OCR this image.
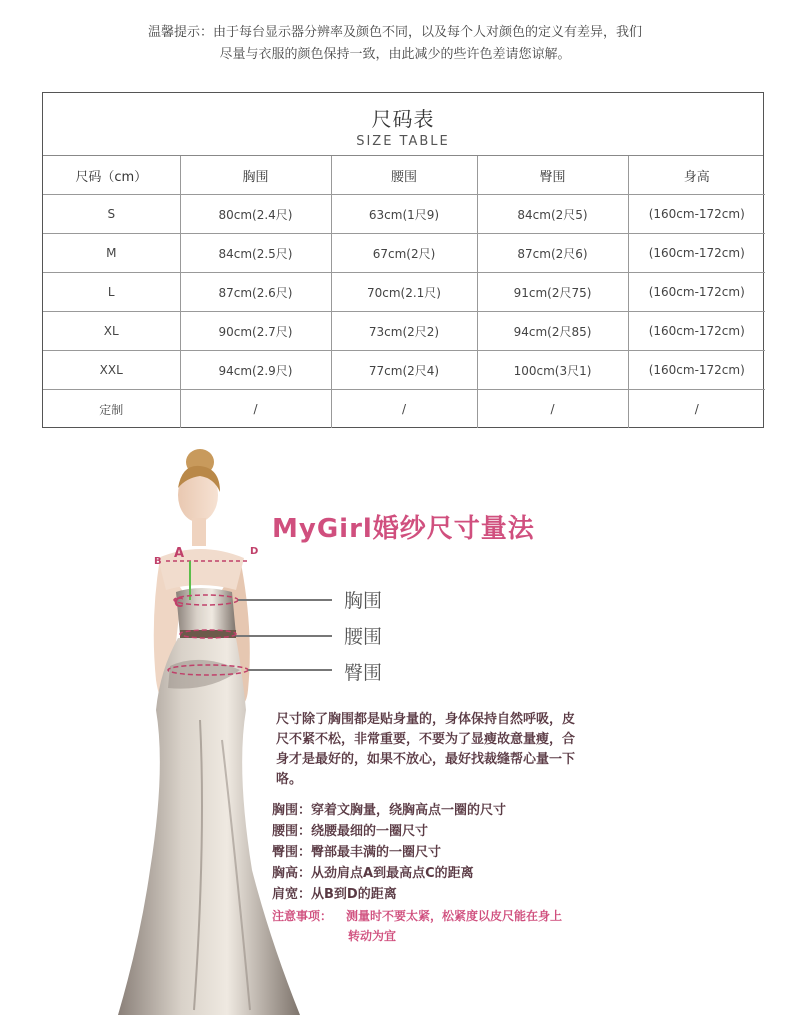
温馨提示：由于每台显示器分辨率及颜色不同，以及每个人对颜色的定义有差异，我们
尽量与衣服的颜色保持一致，由此减少的些许色差请您谅解。
尺码表
SIZE TABLE
尺码（cm）	胸围	腰围	臀围	身高
S	80cm(2.4尺)	63cm(1尺9)	84cm(2尺5)	(160cm-172cm)
M	84cm(2.5尺)	67cm(2尺)	87cm(2尺6)	(160cm-172cm)
L	87cm(2.6尺)	70cm(2.1尺)	91cm(2尺75)	(160cm-172cm)
XL	90cm(2.7尺)	73cm(2尺2)	94cm(2尺85)	(160cm-172cm)
XXL	94cm(2.9尺)	77cm(2尺4)	100cm(3尺1)	(160cm-172cm)
定制	/	/	/	/
A
B
C
D
MyGirl婚纱尺寸量法
胸围
腰围
臀围
尺寸除了胸围都是贴身量的，身体保持自然呼吸，皮尺不紧不松，非常重要，不要为了显瘦故意量瘦，合身才是最好的，如果不放心，最好找裁缝帮心量一下咯。
胸围：穿着文胸量，绕胸高点一圈的尺寸
腰围：绕腰最细的一圈尺寸
臀围：臀部最丰满的一圈尺寸
胸高：从劲肩点A到最高点C的距离
肩宽：从B到D的距离
注意事项： 测量时不要太紧，松紧度以皮尺能在身上
转动为宜
